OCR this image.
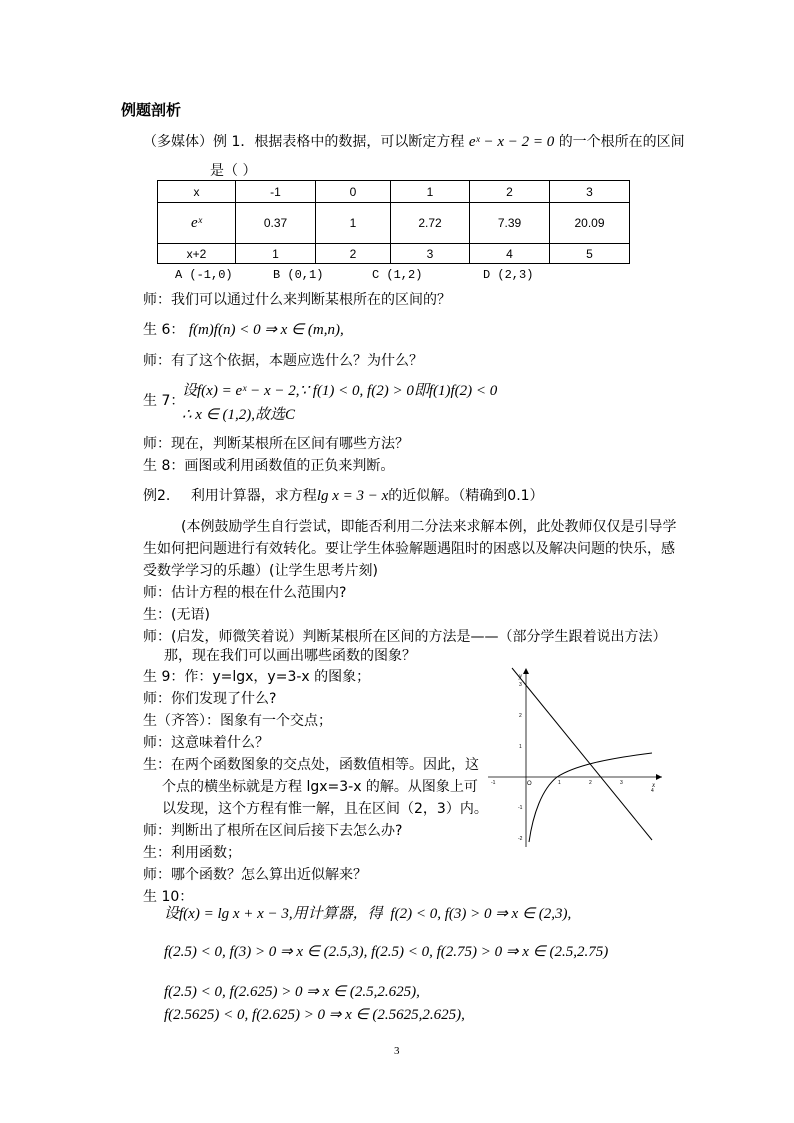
例题剖析
（多媒体）例 1．根据表格中的数据，可以断定方程 eˣ − x − 2 = 0 的一个根所在的区间
是（ ）
x	-1	0	1	2	3
eˣ	0.37	1	2.72	7.39	20.09
x+2	1	2	3	4	5
A (-1,0)	B (0,1)	C (1,2)	D (2,3)
师：我们可以通过什么来判断某根所在的区间的？
生 6： f(m)f(n) < 0 ⇒ x ∈ (m,n),
师：有了这个依据，本题应选什么？为什么？
生 7：
设f(x) = eˣ − x − 2,∵ f(1) < 0, f(2) > 0即f(1)f(2) < 0
∴ x ∈ (1,2),故选C
师：现在，判断某根所在区间有哪些方法？
生 8：画图或利用函数值的正负来判断。
例2. 利用计算器，求方程lg x = 3 − x的近似解。（精确到0.1）
(本例鼓励学生自行尝试，即能否利用二分法来求解本例，此处教师仅仅是引导学生如何把问题进行有效转化。要让学生体验解题遇阻时的困惑以及解决问题的快乐，感受数学学习的乐趣）(让学生思考片刻)
师：估计方程的根在什么范围内?
生：(无语)
师：(启发，师微笑着说）判断某根所在区间的方法是——（部分学生跟着说出方法）
那，现在我们可以画出哪些函数的图象？
生 9：作：y=lgx，y=3-x 的图象；
师：你们发现了什么?
生（齐答）：图象有一个交点；
师：这意味着什么？
生：在两个函数图象的交点处，函数值相等。因此，这
个点的横坐标就是方程 lgx=3-x 的解。从图象上可
以发现，这个方程有惟一解，且在区间（2，3）内。
师：判断出了根所在区间后接下去怎么办?
生：利用函数；
师：哪个函数？怎么算出近似解来？
生 10：
y
x
O
3
2
1
-1
-2
-1	1	2	3
4
设f(x) = lg x + x − 3,用计算器，得 f(2) < 0, f(3) > 0 ⇒ x ∈ (2,3),
f(2.5) < 0, f(3) > 0 ⇒ x ∈ (2.5,3), f(2.5) < 0, f(2.75) > 0 ⇒ x ∈ (2.5,2.75)
f(2.5) < 0, f(2.625) > 0 ⇒ x ∈ (2.5,2.625),
f(2.5625) < 0, f(2.625) > 0 ⇒ x ∈ (2.5625,2.625),
3
